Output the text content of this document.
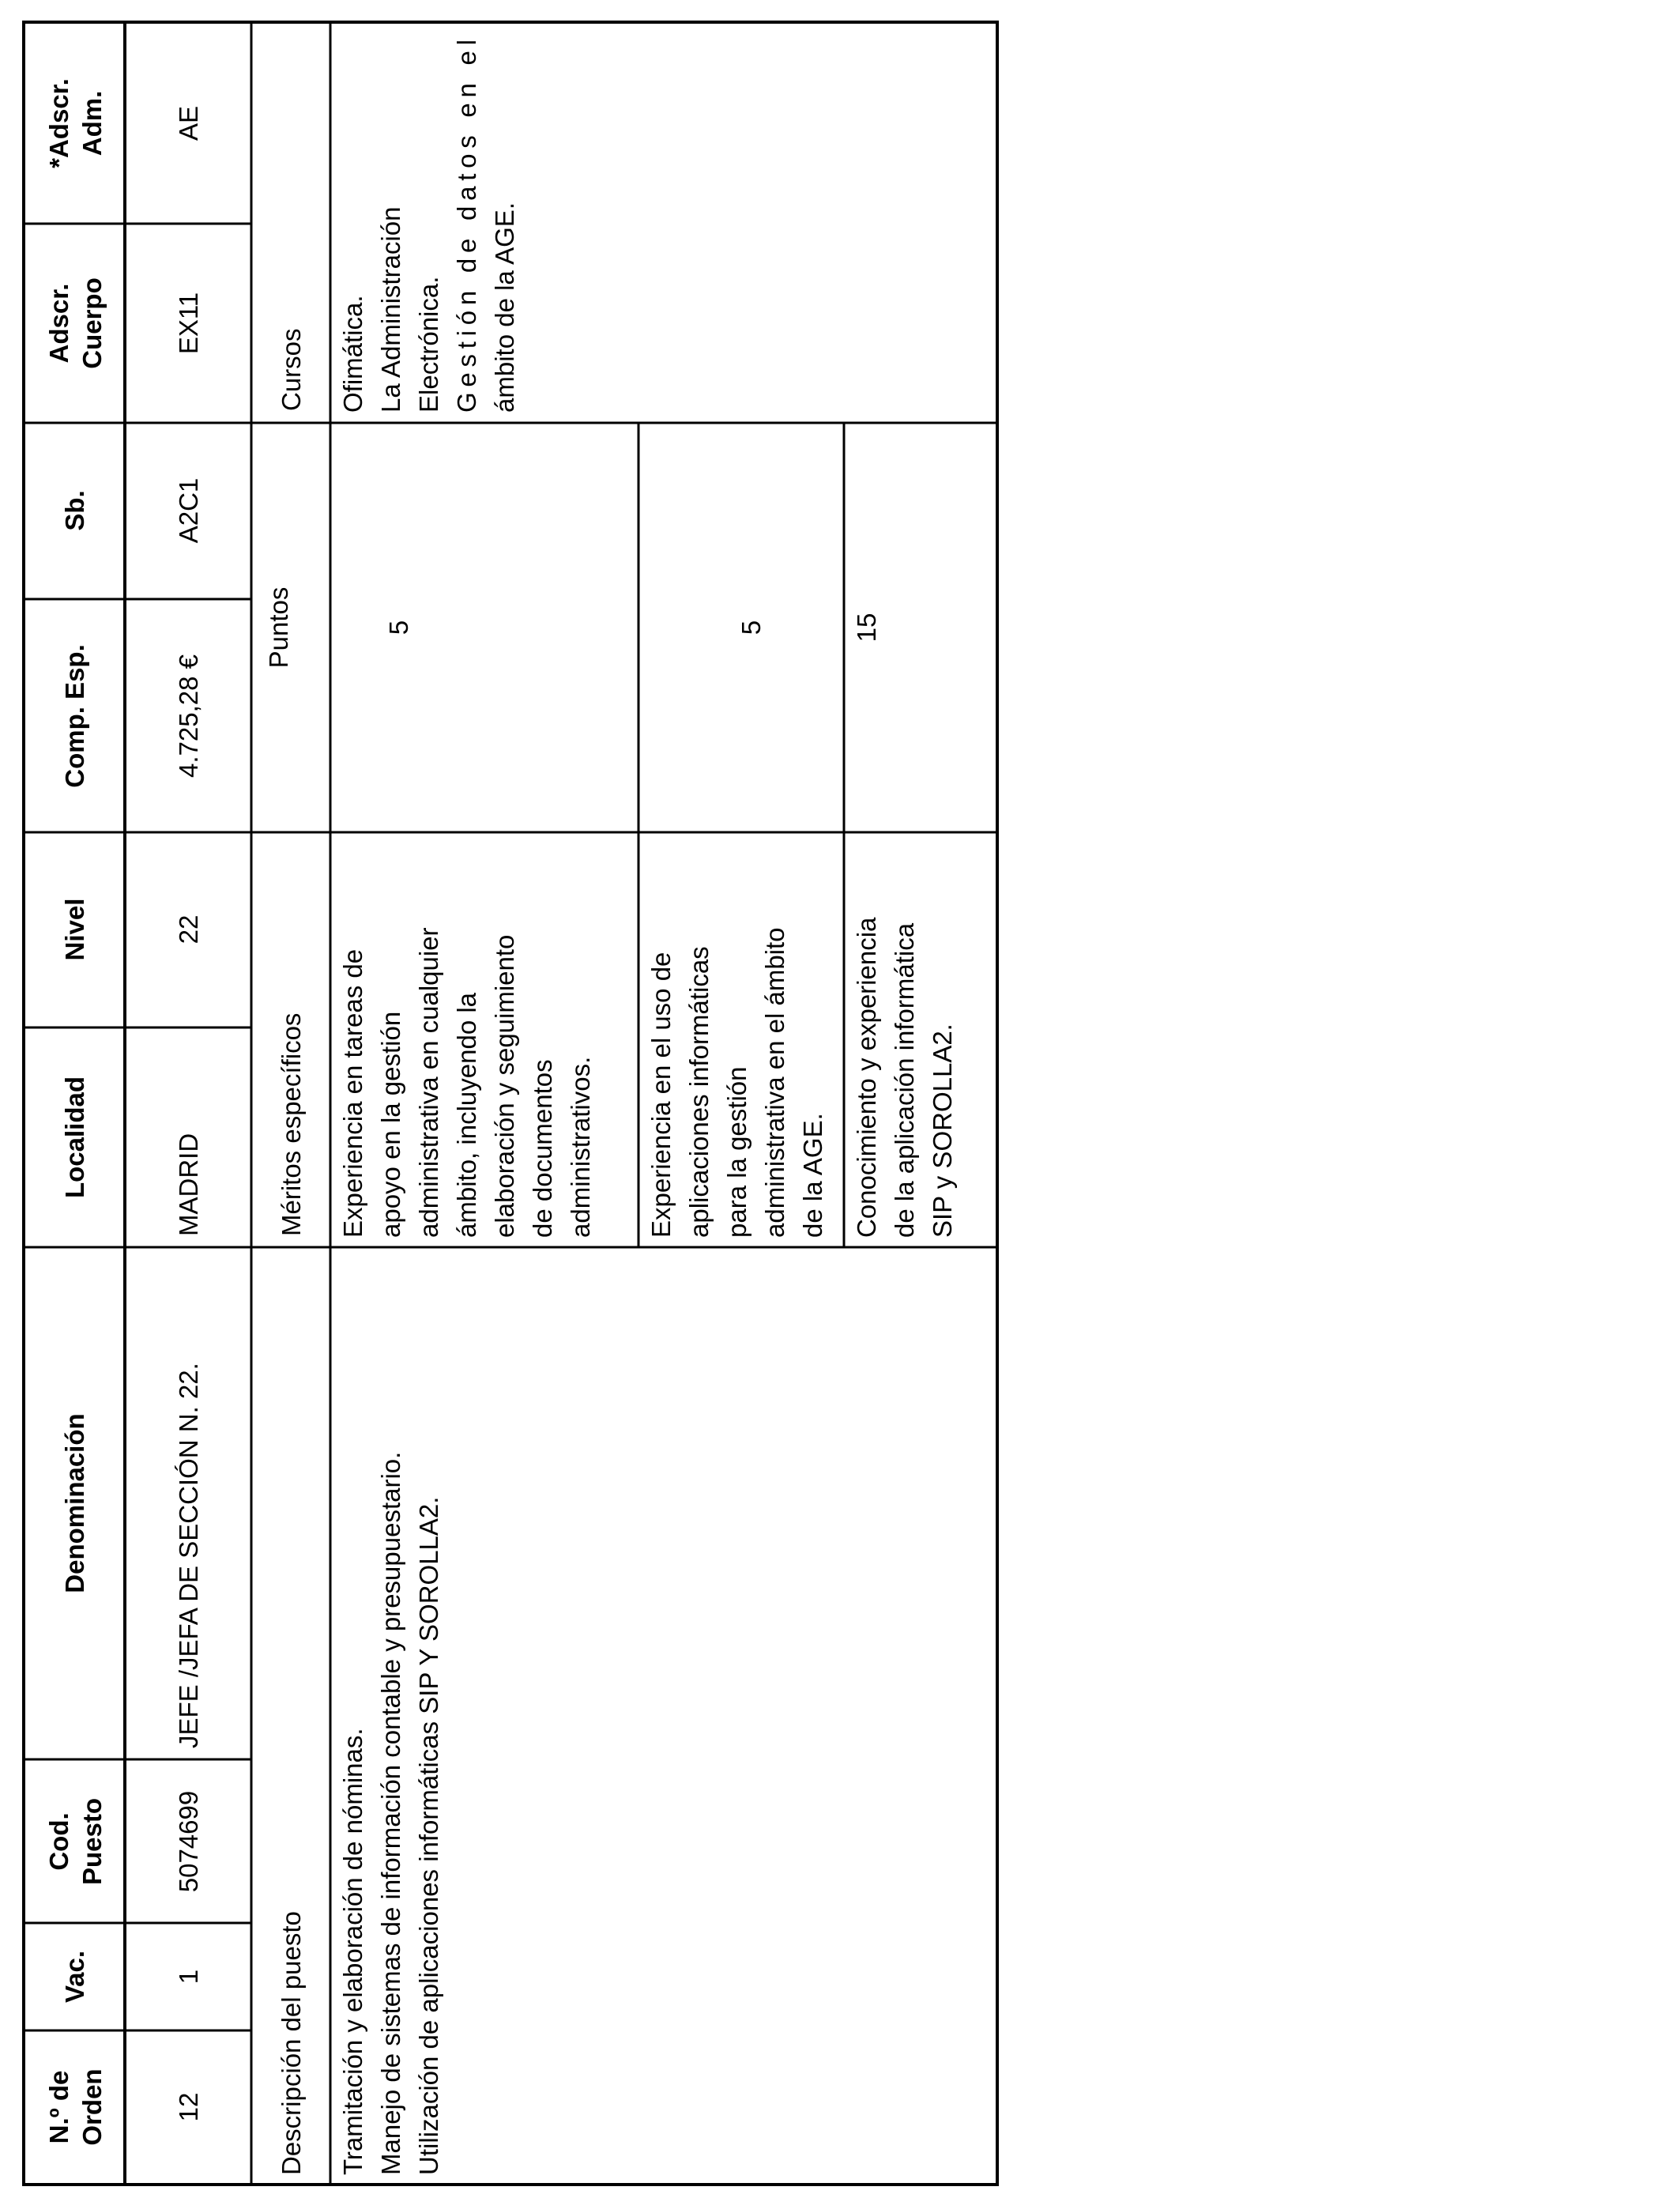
N.º de Orden
Vac.
Cod. Puesto
Denominación
Localidad
Nivel
Comp. Esp.
Sb.
Adscr. Cuerpo
*Adscr. Adm.
12
1
5074699
JEFE /JEFA DE SECCIÓN N. 22.
MADRID
22
4.725,28 €
A2C1
EX11
AE
Descripción del puesto
Méritos específicos
Puntos
Cursos
Tramitación y elaboración de nóminas. Manejo de sistemas de información contable y presupuestario. Utilización de aplicaciones informáticas SIP Y SOROLLA2.
Experiencia en tareas de apoyo en la gestión administrativa en cualquier ámbito, incluyendo la elaboración y seguimiento de documentos administrativos.
5
Experiencia en el uso de aplicaciones informáticas para la gestión administrativa en el ámbito de la AGE.
5
Conocimiento y experiencia de la aplicación informática SIP y SOROLLA2.
15
Ofimática. La Administración Electrónica. Gestión de datos en el
ámbito de la AGE.
